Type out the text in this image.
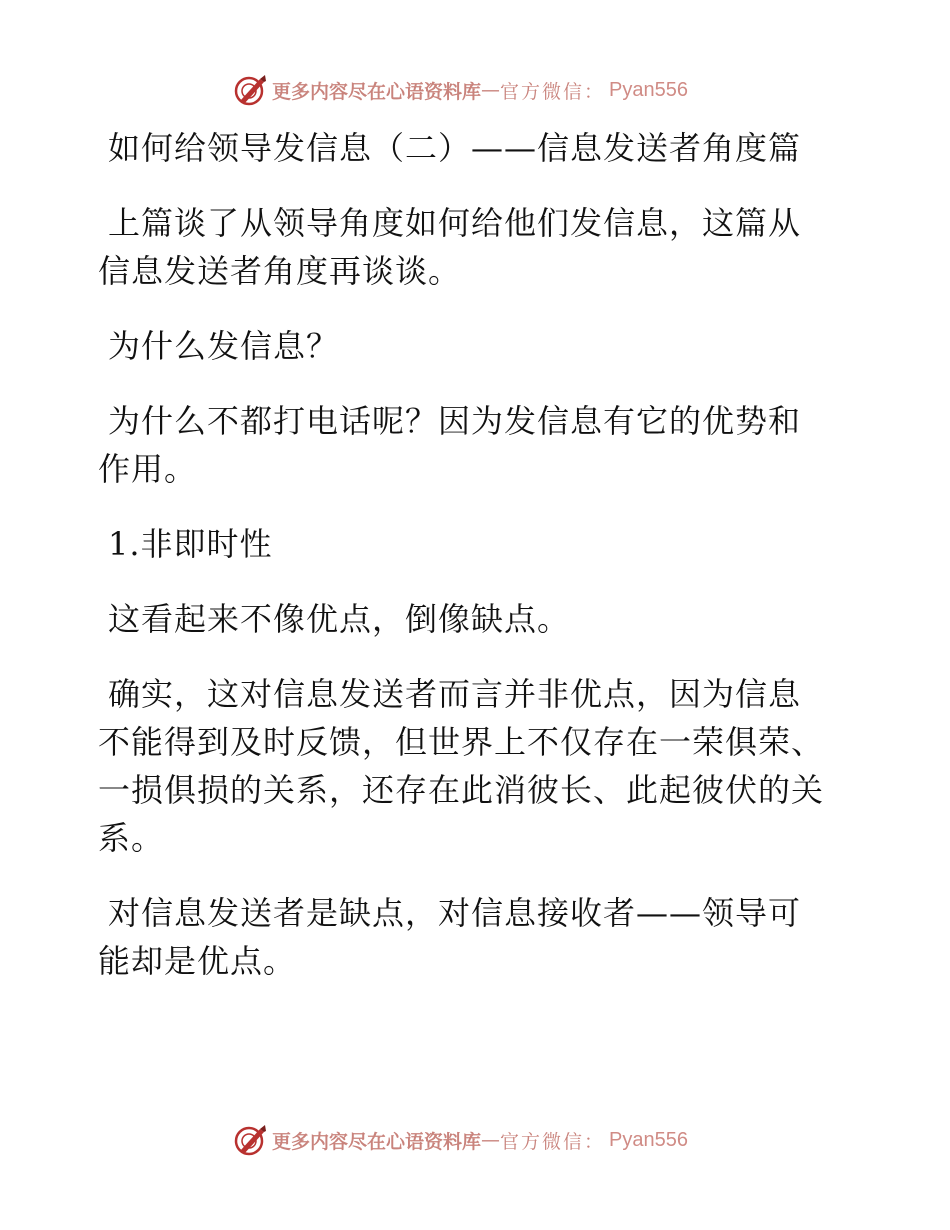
更多内容尽在心语资料库 — 官方微信： Pyan556
如何给领导发信息（二）——信息发送者角度篇
上篇谈了从领导角度如何给他们发信息，这篇从
信息发送者角度再谈谈。
为什么发信息？
为什么不都打电话呢？因为发信息有它的优势和
作用。
1.非即时性
这看起来不像优点，倒像缺点。
确实，这对信息发送者而言并非优点，因为信息
不能得到及时反馈，但世界上不仅存在一荣俱荣、
一损俱损的关系，还存在此消彼长、此起彼伏的关
系。
对信息发送者是缺点，对信息接收者——领导可
能却是优点。
更多内容尽在心语资料库 — 官方微信： Pyan556
